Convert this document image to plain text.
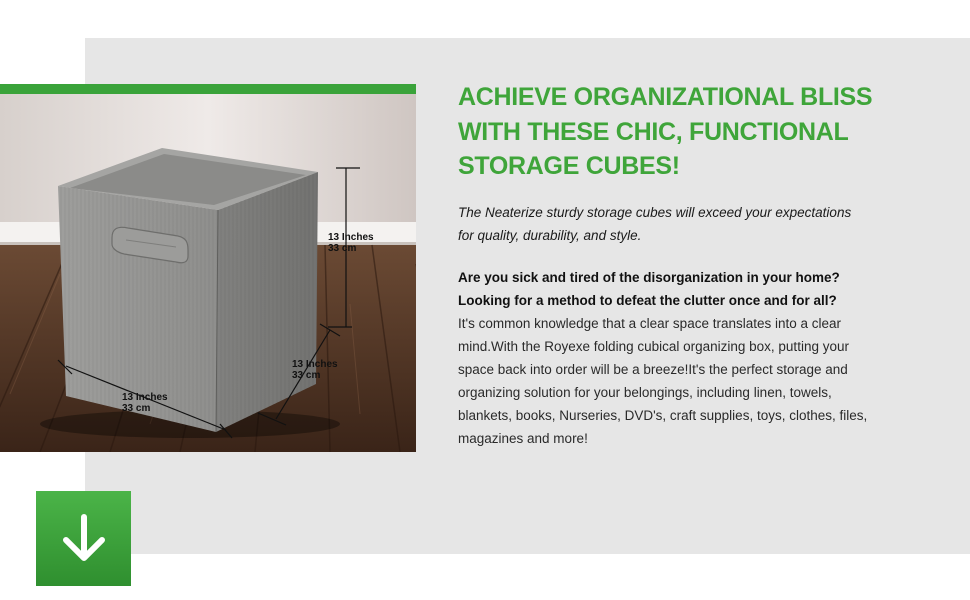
13 Inches
33 cm
13 Inches
33 cm
13 Inches
33 cm
ACHIEVE ORGANIZATIONAL BLISS
WITH THESE CHIC, FUNCTIONAL
STORAGE CUBES!

The Neaterize sturdy storage cubes will exceed your expectations
for quality, durability, and style.

Are you sick and tired of the disorganization in your home?
Looking for a method to defeat the clutter once and for all?

It's common knowledge that a clear space translates into a clear
mind.With the Royexe folding cubical organizing box, putting your
space back into order will be a breeze!It's the perfect storage and
organizing solution for your belongings, including linen, towels,
blankets, books, Nurseries, DVD's, craft supplies, toys, clothes, files,
magazines and more!
